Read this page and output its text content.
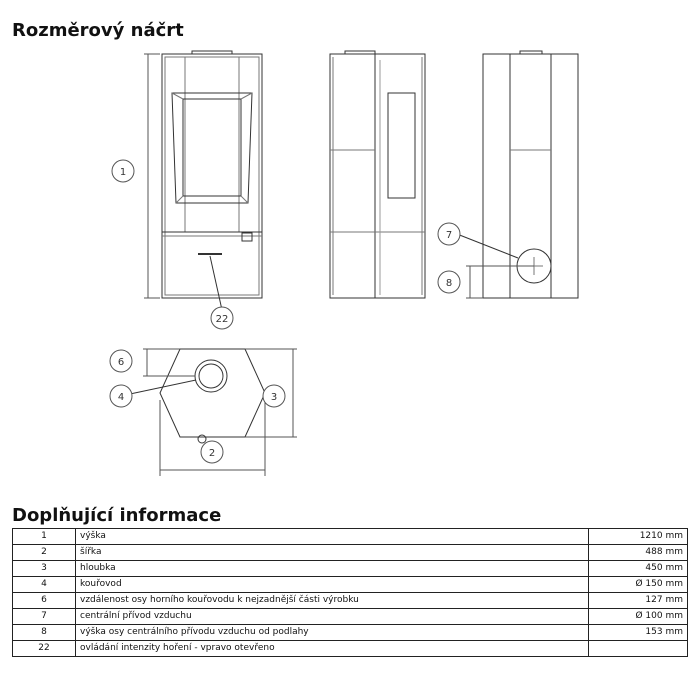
Rozměrový náčrt
1
22
7
8
6
4	3
2
Doplňující informace
1	výška	1210 mm
2	šířka	488 mm
3	hloubka	450 mm
4	kouřovod	Ø 150 mm
6	vzdálenost osy horního kouřovodu k nejzadnější části výrobku	127 mm
7	centrální přívod vzduchu	Ø 100 mm
8	výška osy centrálního přívodu vzduchu od podlahy	153 mm
22	ovládání intenzity hoření - vpravo otevřeno	
